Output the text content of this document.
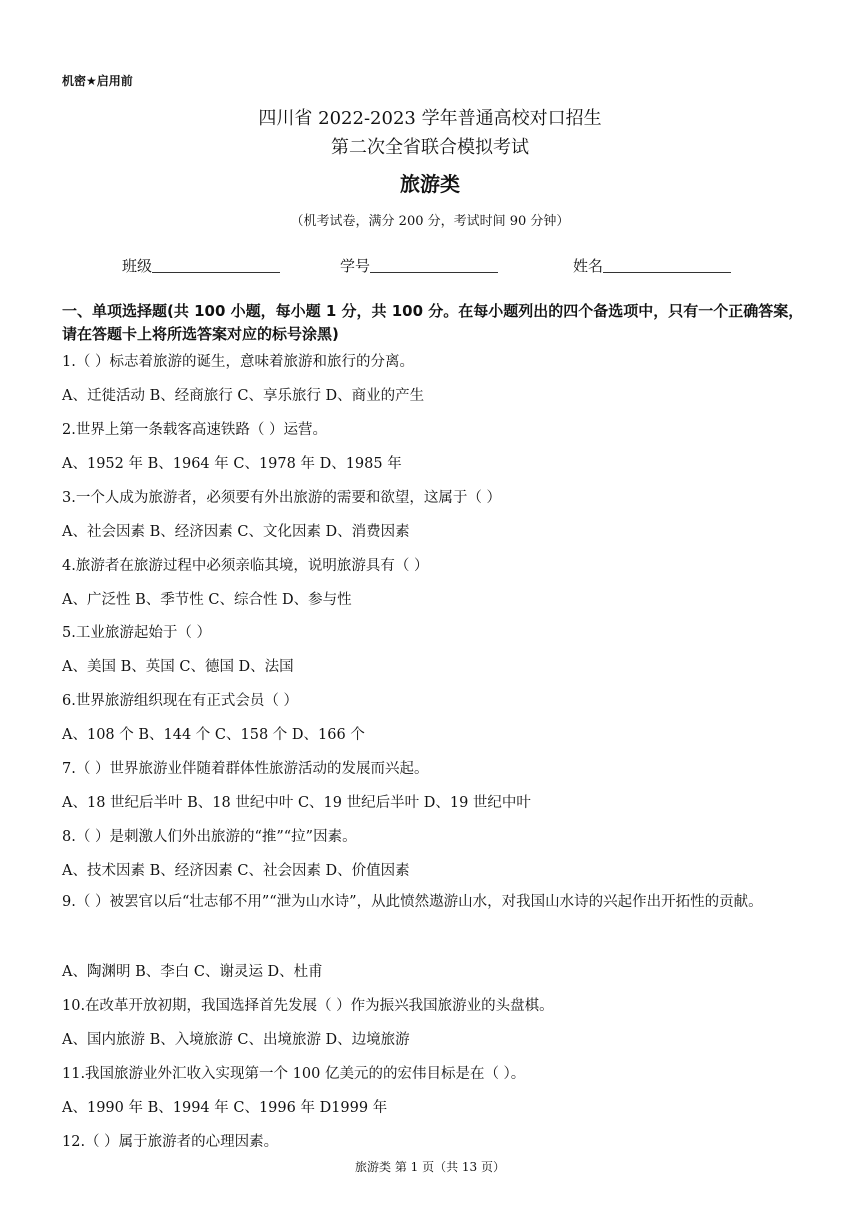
机密★启用前
四川省 2022-2023 学年普通高校对口招生
第二次全省联合模拟考试
旅游类
（机考试卷，满分 200 分，考试时间 90 分钟）
班级	学号	姓名
一、单项选择题(共 100 小题，每小题 1 分，共 100 分。在每小题列出的四个备选项中，只有一个正确答案，请在答题卡上将所选答案对应的标号涂黑)
1.（ ）标志着旅游的诞生，意味着旅游和旅行的分离。
A、迁徙活动 B、经商旅行 C、享乐旅行 D、商业的产生
2.世界上第一条载客高速铁路（ ）运营。
A、1952 年 B、1964 年 C、1978 年 D、1985 年
3.一个人成为旅游者，必须要有外出旅游的需要和欲望，这属于（ ）
A、社会因素 B、经济因素 C、文化因素 D、消费因素
4.旅游者在旅游过程中必须亲临其境，说明旅游具有（ ）
A、广泛性 B、季节性 C、综合性 D、参与性
5.工业旅游起始于（ ）
A、美国 B、英国 C、德国 D、法国
6.世界旅游组织现在有正式会员（ ）
A、108 个 B、144 个 C、158 个 D、166 个
7.（ ）世界旅游业伴随着群体性旅游活动的发展而兴起。
A、18 世纪后半叶 B、18 世纪中叶 C、19 世纪后半叶 D、19 世纪中叶
8.（ ）是刺激人们外出旅游的“推”“拉”因素。
A、技术因素 B、经济因素 C、社会因素 D、价值因素
9.（ ）被罢官以后“壮志郁不用”“泄为山水诗”，从此愤然遨游山水，对我国山水诗的兴起作出开拓性的贡献。
A、陶渊明 B、李白 C、谢灵运 D、杜甫
10.在改革开放初期，我国选择首先发展（ ）作为振兴我国旅游业的头盘棋。
A、国内旅游 B、入境旅游 C、出境旅游 D、边境旅游
11.我国旅游业外汇收入实现第一个 100 亿美元的的宏伟目标是在（ ）。
A、1990 年 B、1994 年 C、1996 年 D1999 年
12.（ ）属于旅游者的心理因素。
旅游类 第 1 页（共 13 页）
